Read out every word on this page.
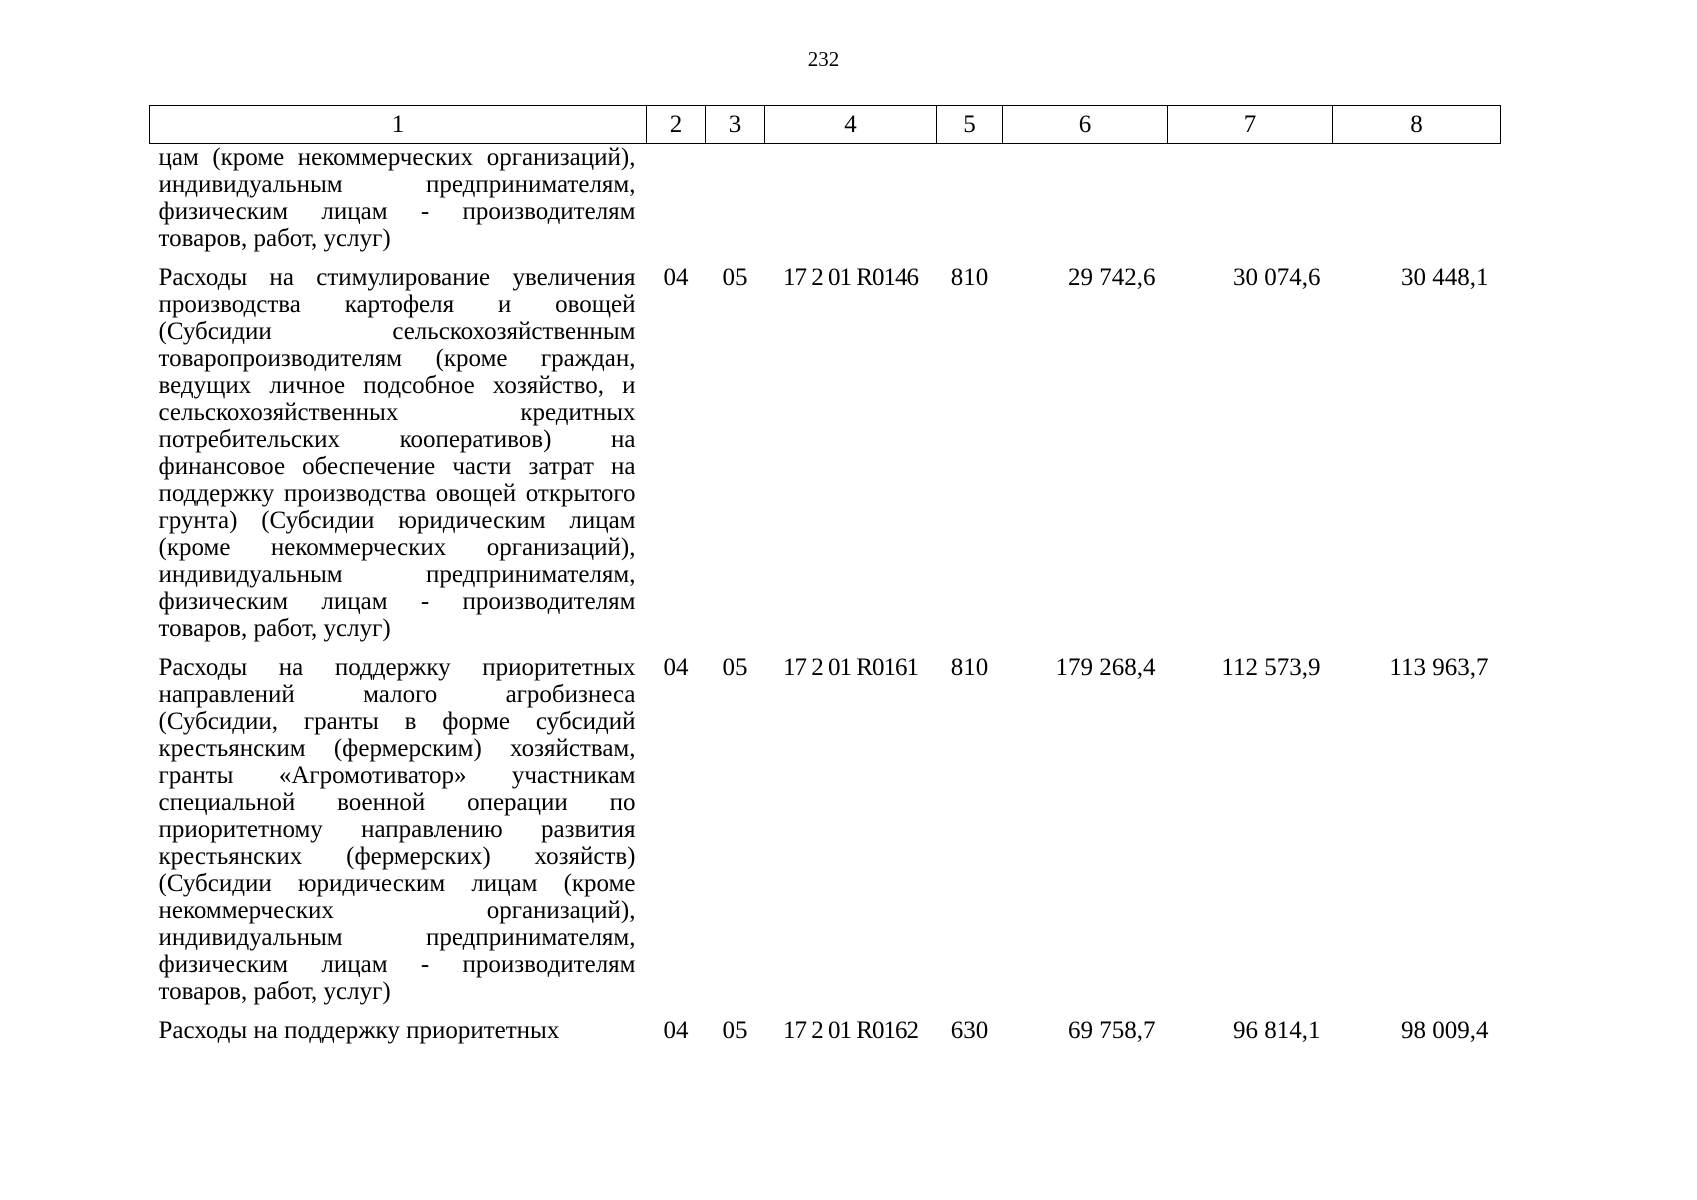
232
1	2	3	4	5	6	7	8
цам (кроме некоммерческих организаций), индивидуальным предпринимателям, физическим лицам - производителям товаров, работ, услуг)							
Расходы на стимулирование увеличения производства картофеля и овощей (Субсидии сельскохозяйственным товаропроизводителям (кроме граждан, ведущих личное подсобное хозяйство, и сельскохозяйственных кредитных потребительских кооперативов) на финансовое обеспечение части затрат на поддержку производства овощей открытого грунта) (Субсидии юридическим лицам (кроме некоммерческих организаций), индивидуальным предпринимателям, физическим лицам - производителям товаров, работ, услуг)	04	05	17 2 01 R0146	810	29 742,6	30 074,6	30 448,1
Расходы на поддержку приоритетных направлений малого агробизнеса (Субсидии, гранты в форме субсидий крестьянским (фермерским) хозяйствам, гранты «Агромотиватор» участникам специальной военной операции по приоритетному направлению развития крестьянских (фермерских) хозяйств) (Субсидии юридическим лицам (кроме некоммерческих организаций), индивидуальным предпринимателям, физическим лицам - производителям товаров, работ, услуг)	04	05	17 2 01 R0161	810	179 268,4	112 573,9	113 963,7
Расходы на поддержку приоритетных	04	05	17 2 01 R0162	630	69 758,7	96 814,1	98 009,4
